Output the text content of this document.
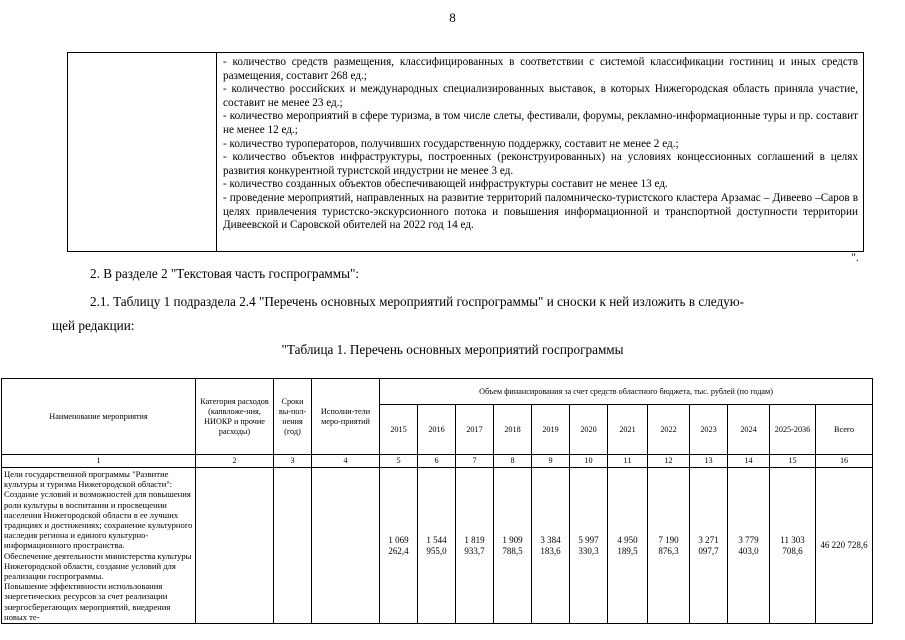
8

- количество средств размещения, классифицированных в соответствии с системой классификации гостиниц и иных средств размещения, составит 268 ед.;

- количество российских и международных специализированных выставок, в которых Нижегородская область приняла участие, составит не менее 23 ед.;

- количество мероприятий в сфере туризма, в том числе слеты, фестивали, форумы, рекламно-информационные туры и пр. составит не менее 12 ед.;

- количество туроператоров, получивших государственную поддержку, составит не менее 2 ед.;

- количество объектов инфраструктуры, построенных (реконструированных) на условиях концессионных соглашений в целях развития конкурентной туристской индустрии не менее 3 ед.

- количество созданных объектов обеспечивающей инфраструктуры составит не менее 13 ед.

- проведение мероприятий, направленных на развитие территорий паломническо-туристского кластера Арзамас – Дивеево –Саров в целях привлечения туристско-экскурсионного потока и повышения информационной и транспортной доступности территории Дивеевской и Саровской обителей на 2022 год 14 ед.

".
2. В разделе 2 "Текстовая часть госпрограммы":
2.1. Таблицу 1 подраздела 2.4 "Перечень основных мероприятий госпрограммы" и сноски к ней изложить в следую-
щей редакции:
"Таблица 1. Перечень основных мероприятий госпрограммы
Наименование мероприятия	Категория расходов (капвложе-ния, НИОКР и прочие расходы)	Сроки вы-пол-нения (год)	Исполни-тели меро-приятий	Объем финансирования за счет средств областного бюджета, тыс. рублей (по годам)											
				2015	2016	2017	2018	2019	2020	2021	2022	2023	2024	2025-2036	Всего
1	2	3	4	5	6	7	8	9	10	11	12	13	14	15	16

Цели государственной программы "Развитие культуры и туризма Нижегородской области":

Создание условий и возможностей для повышения роли культуры в воспитании и просвещении населения Нижегородской области в ее лучших традициях и достижениях; сохранение культурного наследия региона и единого культурно-информационного пространства.

Обеспечение деятельности министерства культуры Нижегородской области, создание условий для реализации госпрограммы.

Повышение эффективности использования энергетических ресурсов за счет реализации энергосберегающих мероприятий, внедрения новых те-				1 069 262,4	1 544 955,0	1 819 933,7	1 909 788,5	3 384 183,6	5 997 330,3	4 950 189,5	7 190 876,3	3 271 097,7	3 779 403,0	11 303 708,6	46 220 728,6
